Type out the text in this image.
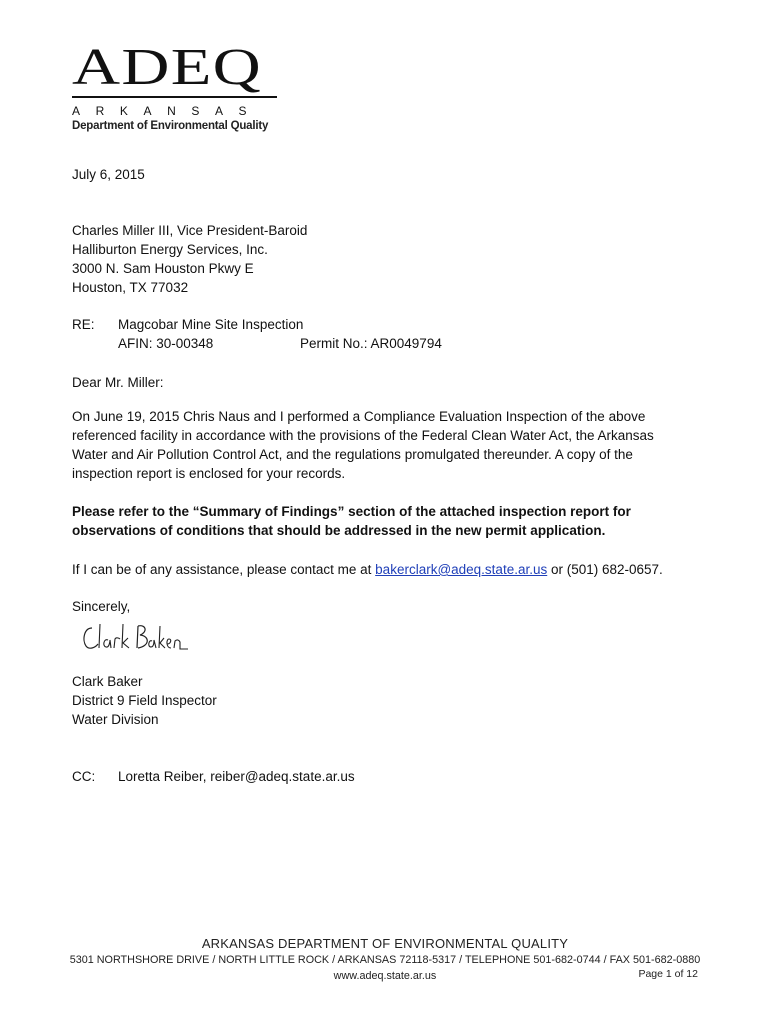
ADEQ
ARKANSAS
Department of Environmental Quality
July 6, 2015
Charles Miller III, Vice President-Baroid
Halliburton Energy Services, Inc.
3000 N. Sam Houston Pkwy E
Houston, TX 77032
RE: Magcobar Mine Site Inspection
AFIN: 30-00348	Permit No.: AR0049794
Dear Mr. Miller:
On June 19, 2015 Chris Naus and I performed a Compliance Evaluation Inspection of the above referenced facility in accordance with the provisions of the Federal Clean Water Act, the Arkansas Water and Air Pollution Control Act, and the regulations promulgated thereunder. A copy of the inspection report is enclosed for your records.
Please refer to the “Summary of Findings” section of the attached inspection report for observations of conditions that should be addressed in the new permit application.
If I can be of any assistance, please contact me at bakerclark@adeq.state.ar.us or (501) 682-0657.
Sincerely,
Clark Baker
Clark Baker
District 9 Field Inspector
Water Division
CC: Loretta Reiber, reiber@adeq.state.ar.us
ARKANSAS DEPARTMENT OF ENVIRONMENTAL QUALITY
5301 NORTHSHORE DRIVE / NORTH LITTLE ROCK / ARKANSAS 72118-5317 / TELEPHONE 501-682-0744 / FAX 501-682-0880
www.adeq.state.ar.us	Page 1 of 12
